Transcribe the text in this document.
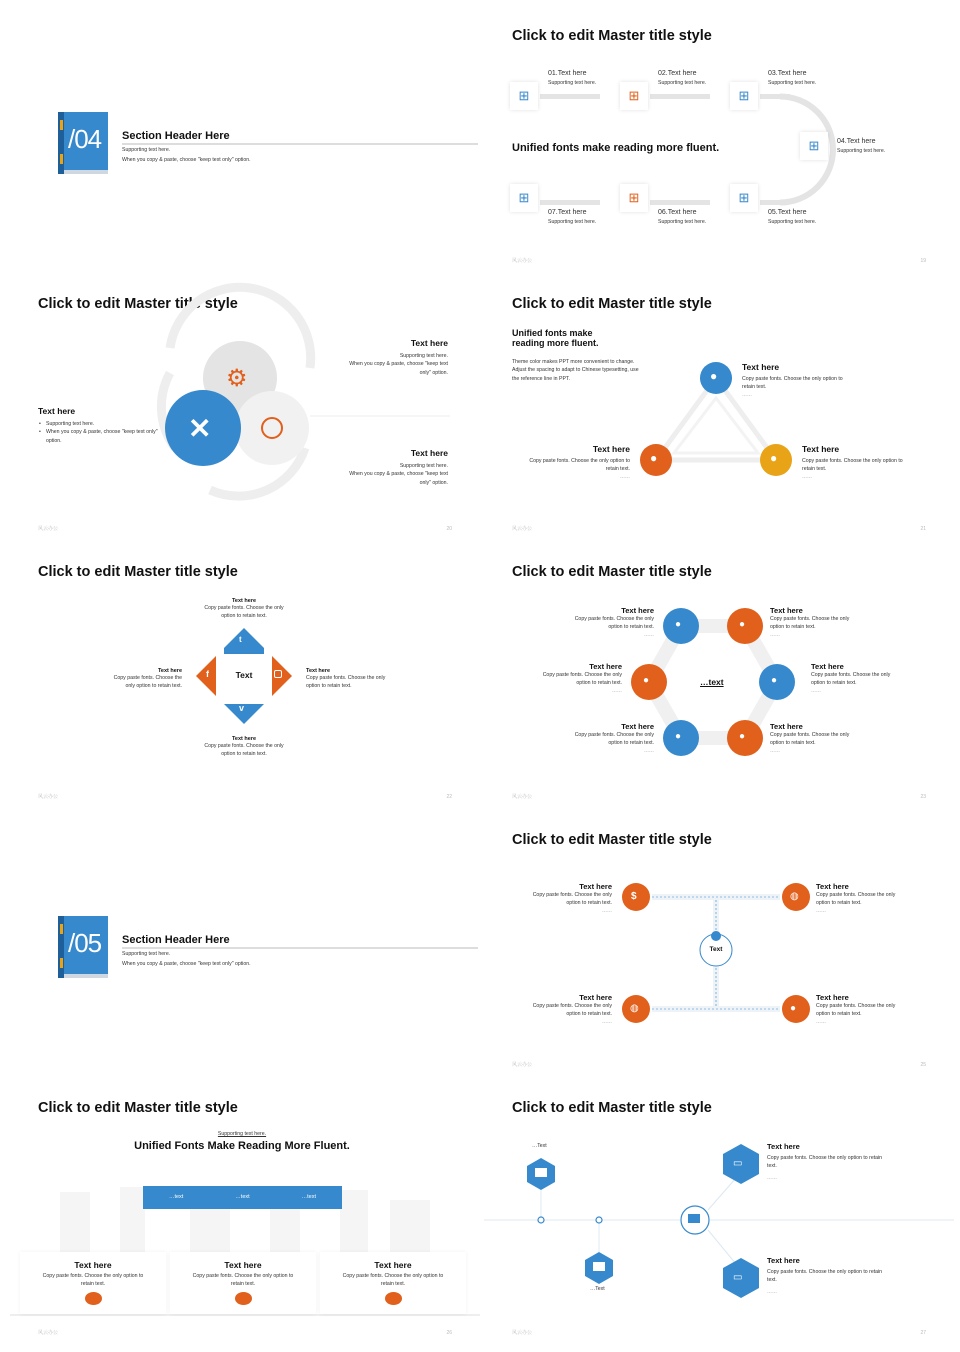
/04 Section Header Here
Supporting text here.
When you copy & paste, choose "keep text only" option.
Click to edit Master title style
⊞	⊞	⊞
⊞
⊞
⊞
⊞
Unified fonts make reading more fluent.
01.Text here
Supporting text here.
02.Text here
Supporting text here.
03.Text here
Supporting text here.
04.Text here
Supporting text here.
05.Text here
Supporting text here.
06.Text here
Supporting text here.
07.Text here
Supporting text here.
风云办公	19
Click to edit Master title style
⚙
✕
Text here
• Supporting text here.
• When you copy & paste, choose "keep text only" option.
Text here
Supporting text here.
When you copy & paste, choose "keep text only" option.
Text here
Supporting text here.
When you copy & paste, choose "keep text only" option.
风云办公	20
Click to edit Master title style
Unified fonts make reading more fluent.
Theme color makes PPT more convenient to change. Adjust the spacing to adapt to Chinese typesetting, use the reference line in PPT.	●
●	●
Text here
Copy paste fonts. Choose the only option to retain text.
……
Text here
Copy paste fonts. Choose the only option to retain text.
……
Text here
Copy paste fonts. Choose the only option to retain text.
……
风云办公	21
Click to edit Master title style
t
v
f	Text
Text here
Copy paste fonts. Choose the only option to retain text.
Text here
Copy paste fonts. Choose the only option to retain text.
Text here
Copy paste fonts. Choose the only option to retain text.
Text here
Copy paste fonts. Choose the only option to retain text.
风云办公	22
Click to edit Master title style
●	●
●	●
●	●
…text
Text here
Copy paste fonts. Choose the only option to retain text.
……
Text here
Copy paste fonts. Choose the only option to retain text.
……
Text here
Copy paste fonts. Choose the only option to retain text.
……
Text here
Copy paste fonts. Choose the only option to retain text.
……
Text here
Copy paste fonts. Choose the only option to retain text.
……
Text here
Copy paste fonts. Choose the only option to retain text.
……
风云办公	23
/05 Section Header Here
Supporting text here.
When you copy & paste, choose "keep text only" option.
Click to edit Master title style
$	◍
◍	●
Text
Text here
Copy paste fonts. Choose the only option to retain text.
……
Text here
Copy paste fonts. Choose the only option to retain text.
……
Text here
Copy paste fonts. Choose the only option to retain text.
……
Text here
Copy paste fonts. Choose the only option to retain text.
……
风云办公	25
Click to edit Master title style
Supporting text here.
Unified Fonts Make Reading More Fluent.
…text	…text	…text
Text here
Copy paste fonts. Choose the only option to retain text.
Text here
Copy paste fonts. Choose the only option to retain text.
Text here
Copy paste fonts. Choose the only option to retain text.
风云办公	26
Click to edit Master title style
▭
▭
…Text
…Text
Text here
Copy paste fonts. Choose the only option to retain text.
……
Text here
Copy paste fonts. Choose the only option to retain text.
……
风云办公	27
